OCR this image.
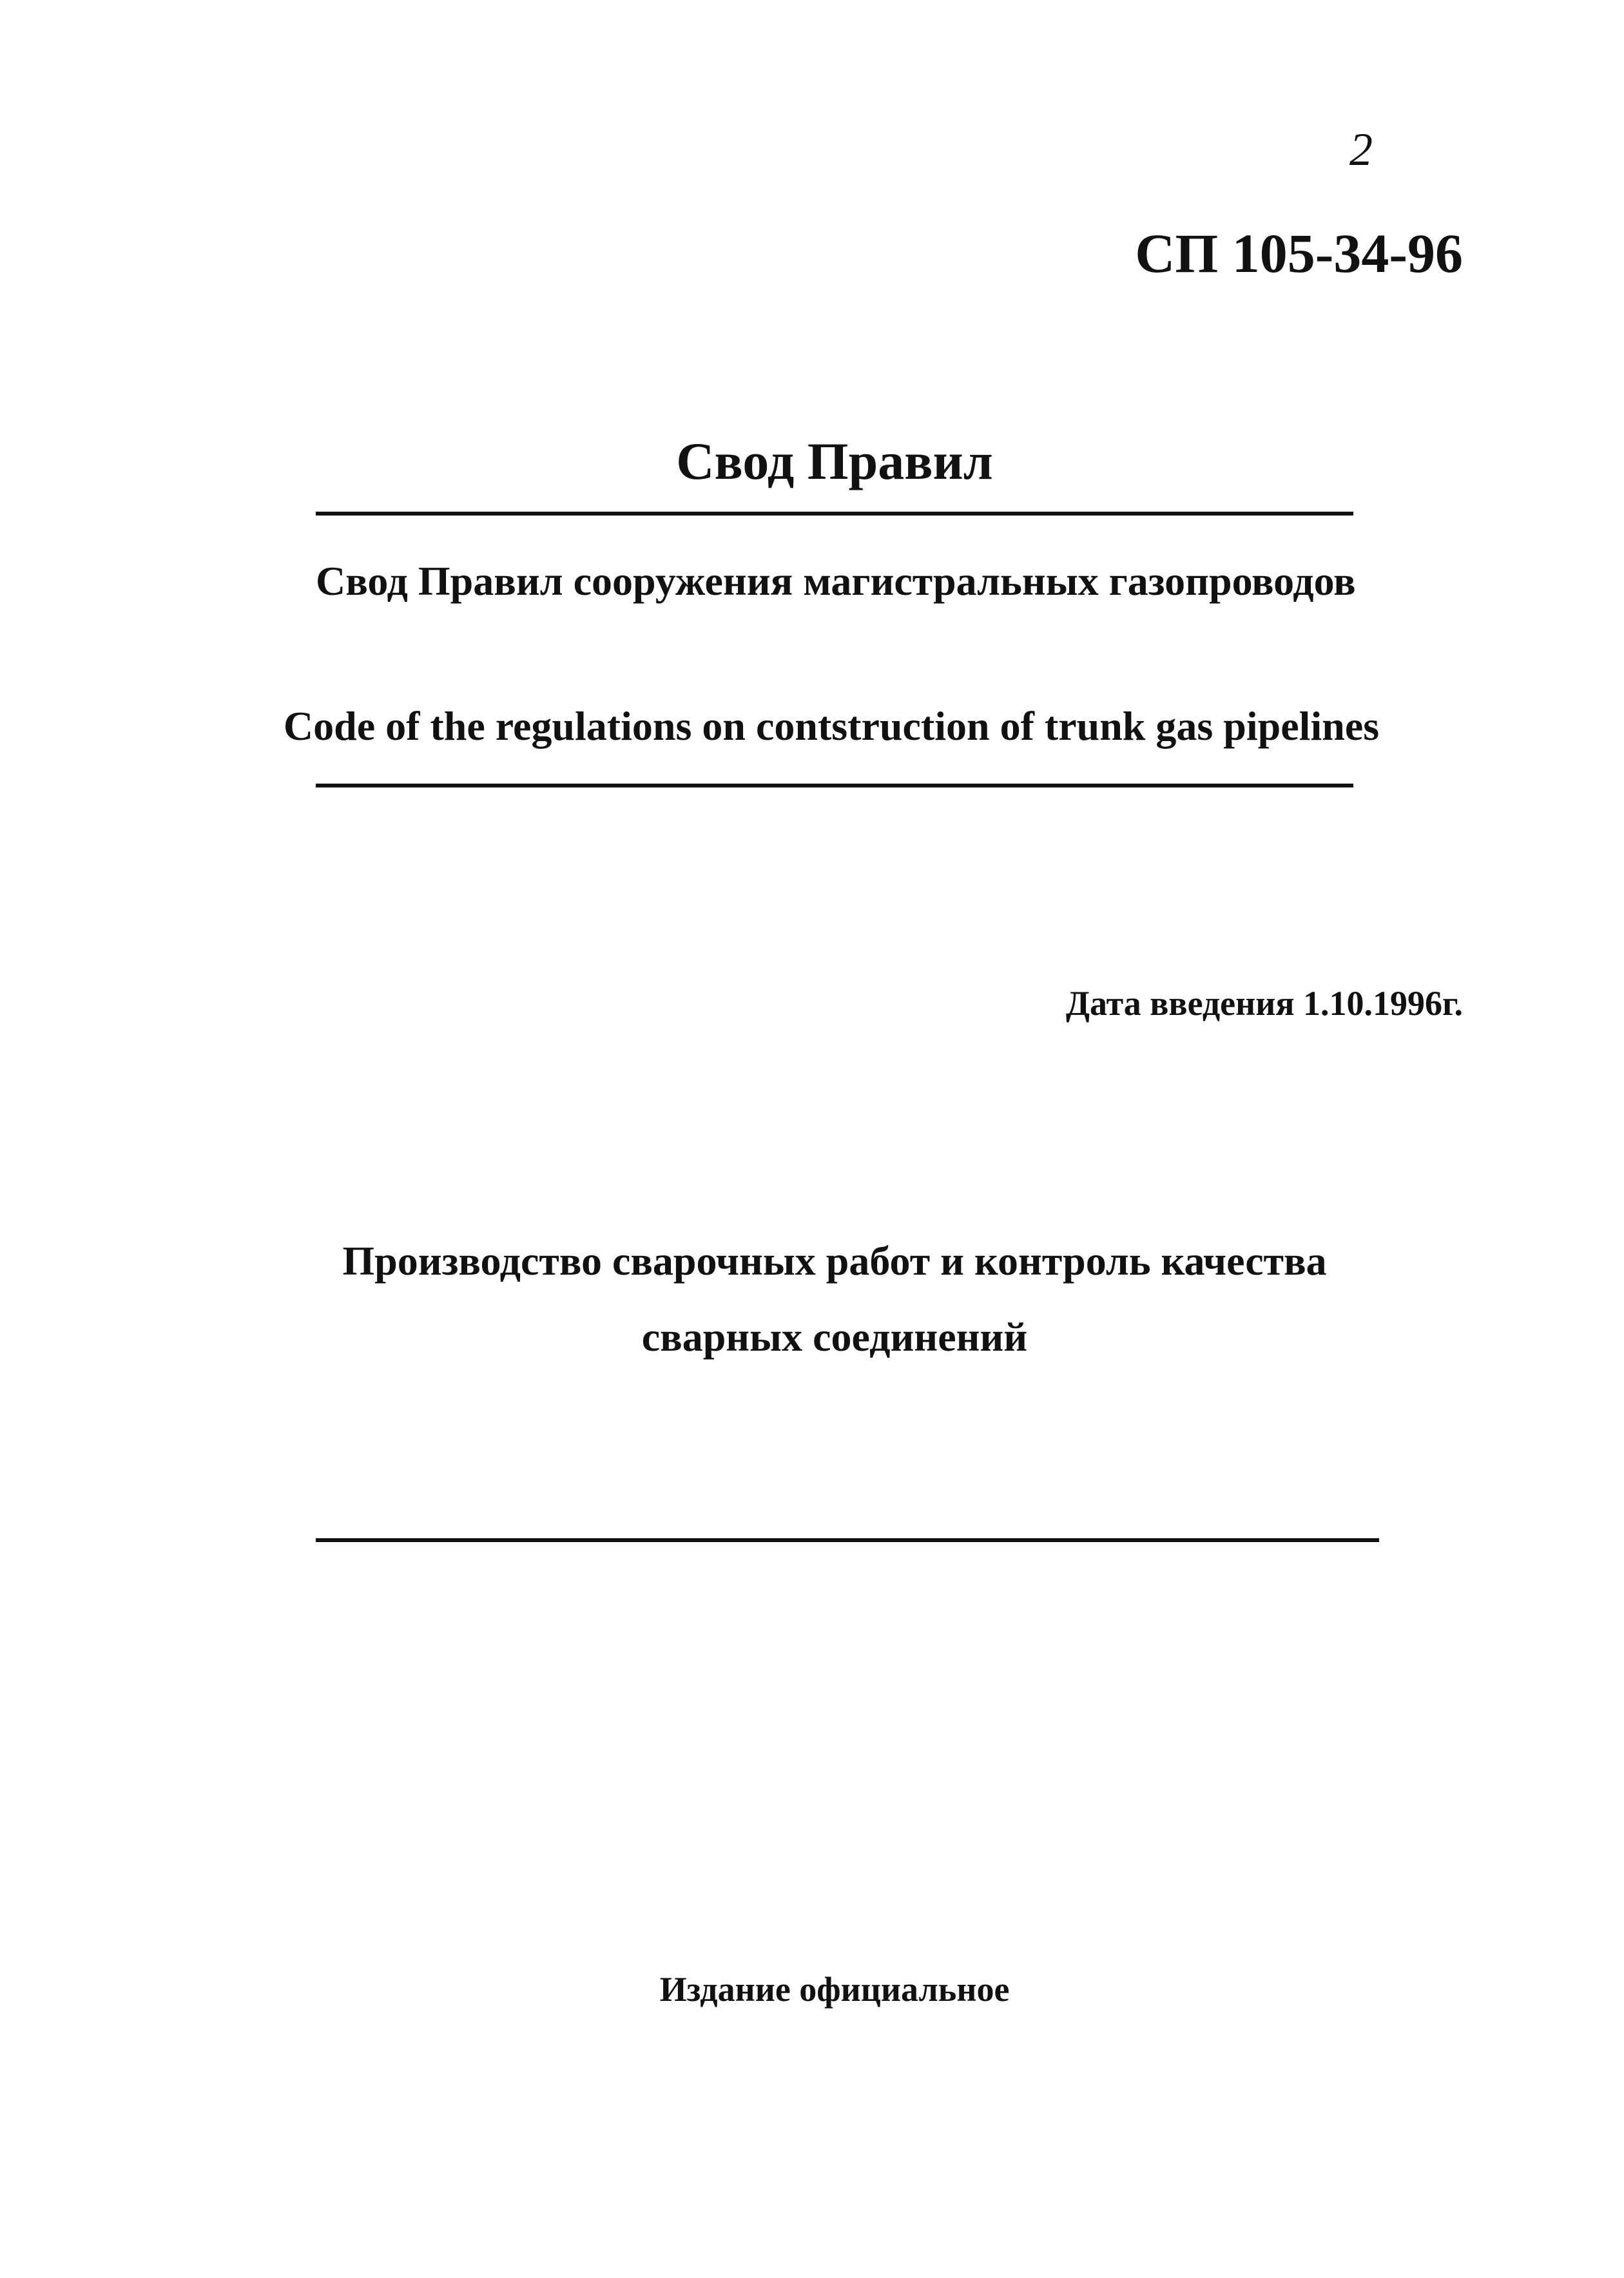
2
СП 105-34-96
Свод Правил
Свод Правил сооружения магистральных газопроводов
Code of the regulations on contstruction of trunk gas pipelines
Дата введения 1.10.1996г.
Производство сварочных работ и контроль качества
сварных соединений
Издание официальное
